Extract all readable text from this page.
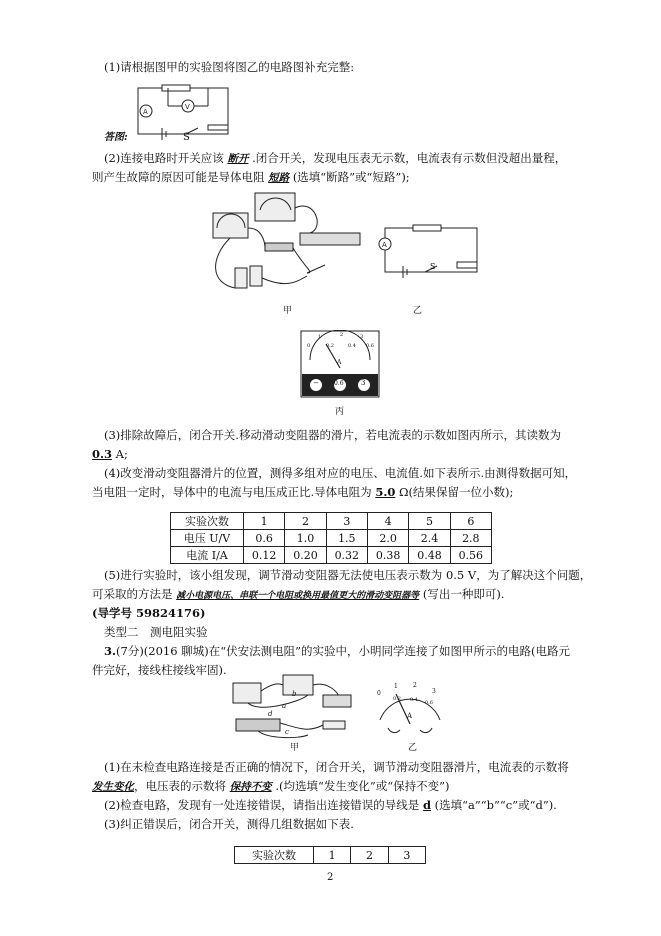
(1)请根据图甲的实验图将图乙的电路图补充完整:
A
V
答图:	S
(2)连接电路时开关应该 断开 .闭合开关，发现电压表无示数，电流表有示数但没超出量程，
则产生故障的原因可能是导体电阻 短路 (选填“断路”或“短路”);
甲
A
S
乙
0	0.2	0.4 0.6
1	2	3
A
−	0.6 3
丙
(3)排除故障后，闭合开关.移动滑动变阻器的滑片，若电流表的示数如图丙所示，其读数为
0.3 A;
(4)改变滑动变阻器滑片的位置，测得多组对应的电压、电流值.如下表所示.由测得数据可知，
当电阻一定时，导体中的电流与电压成正比.导体电阻为 5.0 Ω(结果保留一位小数);
实验次数	1	2	3	4	5	6
电压 U/V	0.6	1.0	1.5	2.0	2.4	2.8
电流 I/A	0.12	0.20	0.32	0.38	0.48	0.56
(5)进行实验时，该小组发现，调节滑动变阻器无法使电压表示数为 0.5 V，为了解决这个问题，
可采取的方法是 减小电源电压、串联一个电阻或换用最值更大的滑动变阻器等 (写出一种即可).
(导学号 59824176)
类型二　测电阻实验
3.(7分)(2016 聊城)在“伏安法测电阻”的实验中，小明同学连接了如图甲所示的电路(电路元
件完好，接线柱接线牢固).
a
b
c
d
甲
0
1	2
3
0.2 0.4 0.6
A
乙
(1)在未检查电路连接是否正确的情况下，闭合开关，调节滑动变阻器滑片，电流表的示数将
发生变化，电压表的示数将 保持不变 .(均选填“发生变化”或“保持不变”)
(2)检查电路，发现有一处连接错误，请指出连接错误的导线是 d (选填“a”“b”“c”或“d”).
(3)纠正错误后，闭合开关，测得几组数据如下表.
实验次数	1	2	3
2
